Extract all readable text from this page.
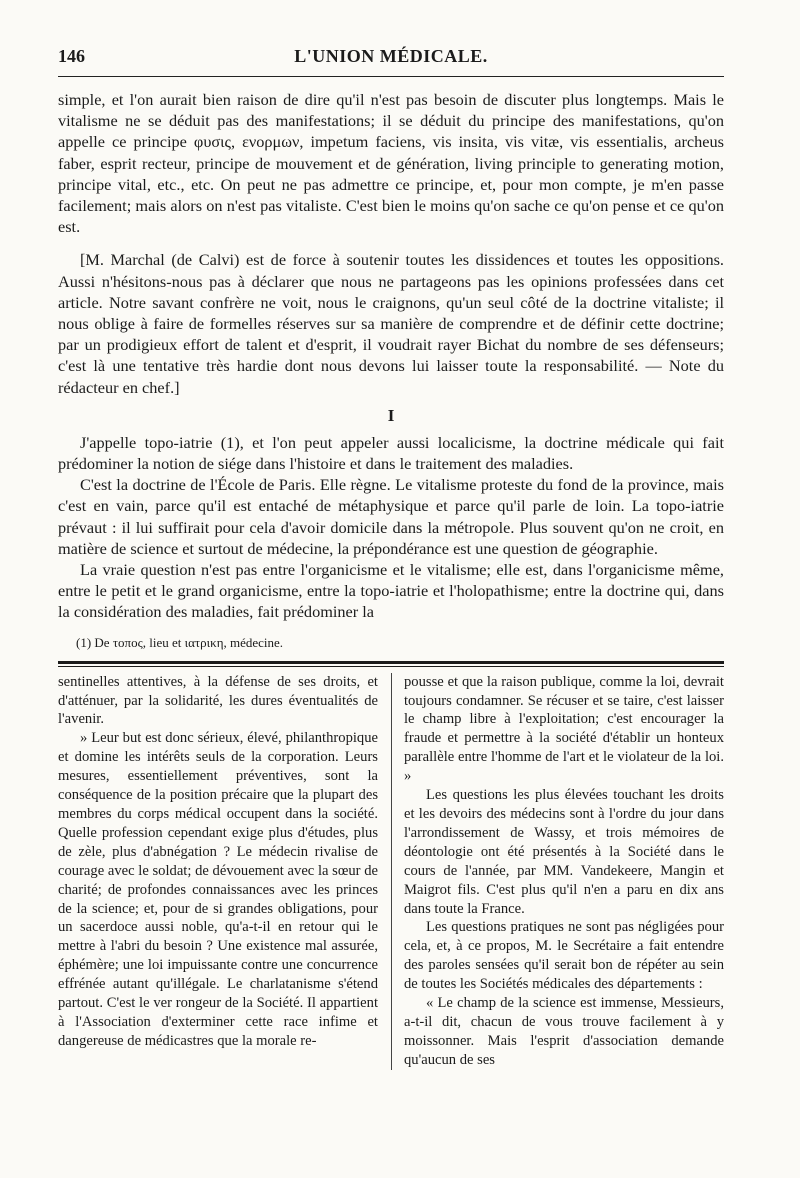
146	L'UNION MÉDICALE.

simple, et l'on aurait bien raison de dire qu'il n'est pas besoin de discuter plus longtemps. Mais le vitalisme ne se déduit pas des manifestations; il se déduit du principe des manifestations, qu'on appelle ce principe φυσις, ενορμων, impetum faciens, vis insita, vis vitæ, vis essentialis, archeus faber, esprit recteur, principe de mouvement et de génération, living principle to generating motion, principe vital, etc., etc. On peut ne pas admettre ce principe, et, pour mon compte, je m'en passe facilement; mais alors on n'est pas vitaliste. C'est bien le moins qu'on sache ce qu'on pense et ce qu'on est.

[M. Marchal (de Calvi) est de force à soutenir toutes les dissidences et toutes les oppositions. Aussi n'hésitons-nous pas à déclarer que nous ne partageons pas les opinions professées dans cet article. Notre savant confrère ne voit, nous le craignons, qu'un seul côté de la doctrine vitaliste; il nous oblige à faire de formelles réserves sur sa manière de comprendre et de définir cette doctrine; par un prodigieux effort de talent et d'esprit, il voudrait rayer Bichat du nombre de ses défenseurs; c'est là une tentative très hardie dont nous devons lui laisser toute la responsabilité. — Note du rédacteur en chef.]

I

J'appelle topo-iatrie (1), et l'on peut appeler aussi localicisme, la doctrine médicale qui fait prédominer la notion de siége dans l'histoire et dans le traitement des maladies.

C'est la doctrine de l'École de Paris. Elle règne. Le vitalisme proteste du fond de la province, mais c'est en vain, parce qu'il est entaché de métaphysique et parce qu'il parle de loin. La topo-iatrie prévaut : il lui suffirait pour cela d'avoir domicile dans la métropole. Plus souvent qu'on ne croit, en matière de science et surtout de médecine, la prépondérance est une question de géographie.

La vraie question n'est pas entre l'organicisme et le vitalisme; elle est, dans l'organicisme même, entre le petit et le grand organicisme, entre la topo-iatrie et l'holopathisme; entre la doctrine qui, dans la considération des maladies, fait prédominer la

(1) De τοπος, lieu et ιατρικη, médecine.

sentinelles attentives, à la défense de ses droits, et d'atténuer, par la solidarité, les dures éventualités de l'avenir.

» Leur but est donc sérieux, élevé, philanthropique et domine les intérêts seuls de la corporation. Leurs mesures, essentiellement préventives, sont la conséquence de la position précaire que la plupart des membres du corps médical occupent dans la société. Quelle profession cependant exige plus d'études, plus de zèle, plus d'abnégation ? Le médecin rivalise de courage avec le soldat; de dévouement avec la sœur de charité; de profondes connaissances avec les princes de la science; et, pour de si grandes obligations, pour un sacerdoce aussi noble, qu'a-t-il en retour qui le mettre à l'abri du besoin ? Une existence mal assurée, éphémère; une loi impuissante contre une concurrence effrénée autant qu'illégale. Le charlatanisme s'étend partout. C'est le ver rongeur de la Société. Il appartient à l'Association d'exterminer cette race infime et dangereuse de médicastres que la morale re-

pousse et que la raison publique, comme la loi, devrait toujours condamner. Se récuser et se taire, c'est laisser le champ libre à l'exploitation; c'est encourager la fraude et permettre à la société d'établir un honteux parallèle entre l'homme de l'art et le violateur de la loi. »

Les questions les plus élevées touchant les droits et les devoirs des médecins sont à l'ordre du jour dans l'arrondissement de Wassy, et trois mémoires de déontologie ont été présentés à la Société dans le cours de l'année, par MM. Vandekeere, Mangin et Maigrot fils. C'est plus qu'il n'en a paru en dix ans dans toute la France.

Les questions pratiques ne sont pas négligées pour cela, et, à ce propos, M. le Secrétaire a fait entendre des paroles sensées qu'il serait bon de répéter au sein de toutes les Sociétés médicales des départements :

« Le champ de la science est immense, Messieurs, a-t-il dit, chacun de vous trouve facilement à y moissonner. Mais l'esprit d'association demande qu'aucun de ses
